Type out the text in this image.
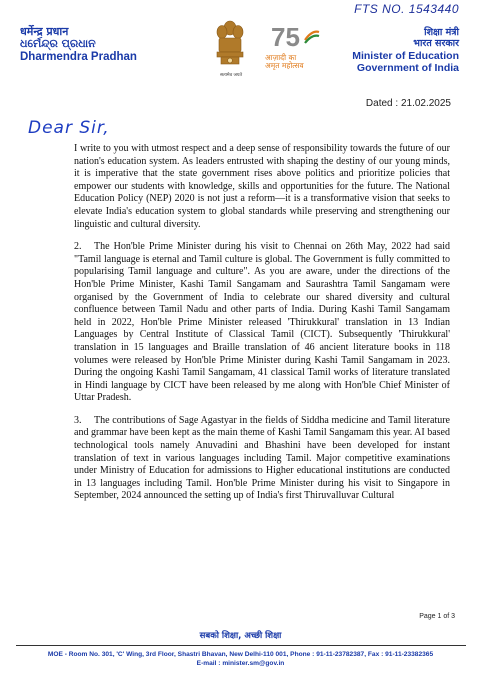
FTS NO. 1543440
धर्मेन्द्र प्रधान
ଧର୍ମେନ୍ଦ୍ର ପ୍ରଧାନ
Dharmendra Pradhan
सत्यमेव जयते
75
आज़ादी का
अमृत महोत्सव
शिक्षा मंत्री
भारत सरकार
Minister of Education
Government of India
Dated : 21.02.2025
Dear Sir,

I write to you with utmost respect and a deep sense of responsibility towards the future of our nation's education system. As leaders entrusted with shaping the destiny of our young minds, it is imperative that the state government rises above politics and prioritize policies that empower our students with knowledge, skills and opportunities for the future. The National Education Policy (NEP) 2020 is not just a reform—it is a transformative vision that seeks to elevate India's education system to global standards while preserving and strengthening our linguistic and cultural diversity.

2. The Hon'ble Prime Minister during his visit to Chennai on 26th May, 2022 had said "Tamil language is eternal and Tamil culture is global. The Government is fully committed to popularising Tamil language and culture". As you are aware, under the directions of the Hon'ble Prime Minister, Kashi Tamil Sangamam and Saurashtra Tamil Sangamam were organised by the Government of India to celebrate our shared diversity and cultural confluence between Tamil Nadu and other parts of India. During Kashi Tamil Sangamam held in 2022, Hon'ble Prime Minister released 'Thirukkural' translation in 13 Indian Languages by Central Institute of Classical Tamil (CICT). Subsequently 'Thirukkural' translation in 15 languages and Braille translation of 46 ancient literature books in 118 volumes were released by Hon'ble Prime Minister during Kashi Tamil Sangamam in 2023. During the ongoing Kashi Tamil Sangamam, 41 classical Tamil works of literature translated in Hindi language by CICT have been released by me along with Hon'ble Chief Minister of Uttar Pradesh.

3. The contributions of Sage Agastyar in the fields of Siddha medicine and Tamil literature and grammar have been kept as the main theme of Kashi Tamil Sangamam this year. AI based technological tools namely Anuvadini and Bhashini have been developed for instant translation of text in various languages including Tamil. Major competitive examinations under Ministry of Education for admissions to Higher educational institutions are conducted in 13 languages including Tamil. Hon'ble Prime Minister during his visit to Singapore in September, 2024 announced the setting up of India's first Thiruvalluvar Cultural

Page 1 of 3
सबको शिक्षा, अच्छी शिक्षा
MOE - Room No. 301, 'C' Wing, 3rd Floor, Shastri Bhavan, New Delhi-110 001, Phone : 91-11-23782387, Fax : 91-11-23382365
E-mail : minister.sm@gov.in
